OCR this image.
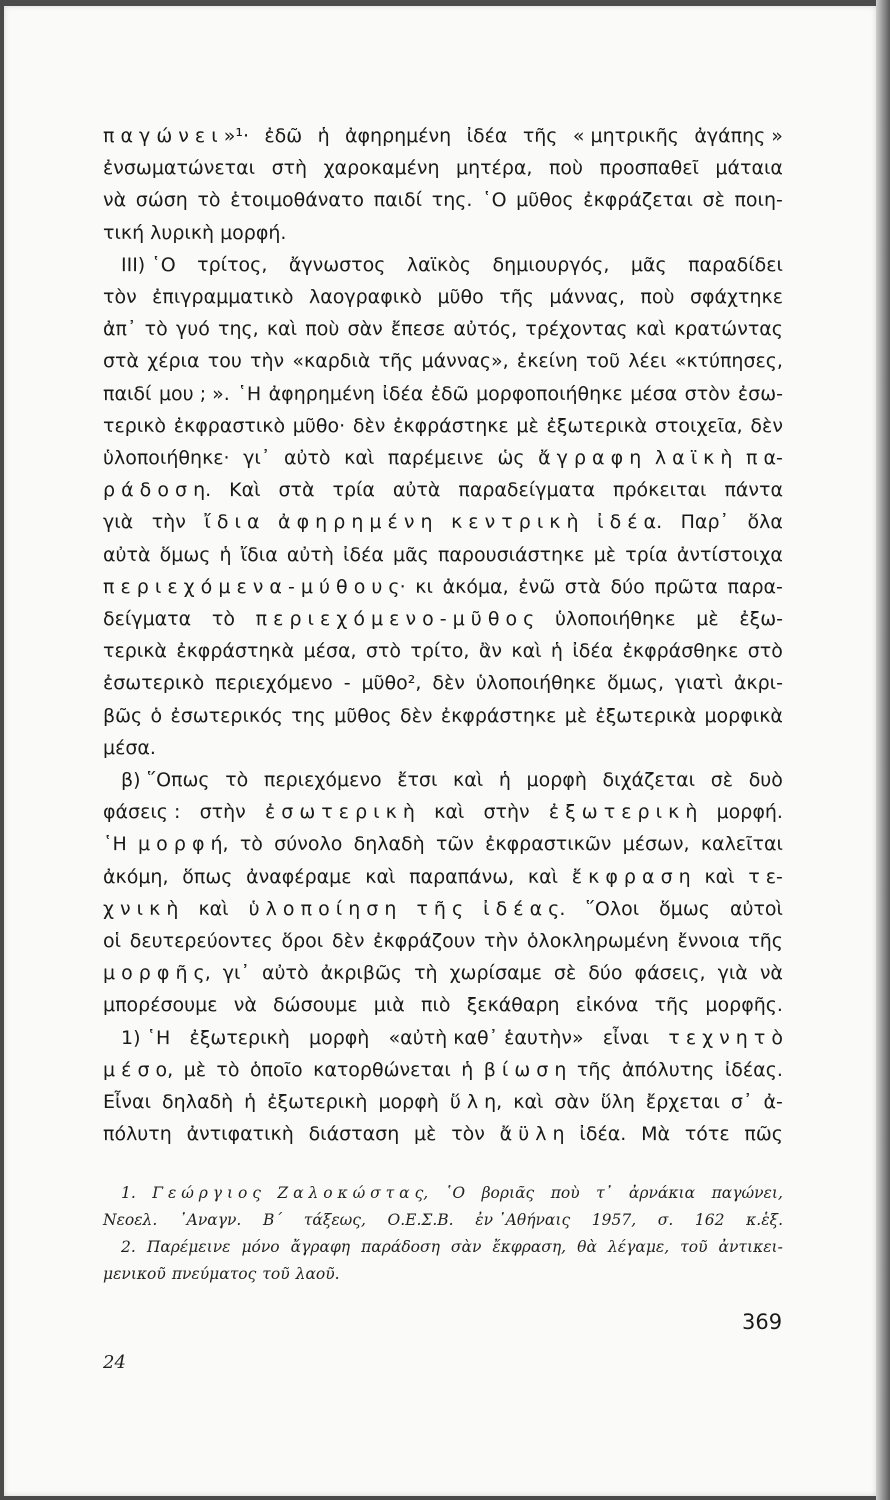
π α γ ώ ν ε ι »¹· ἐδῶ ἡ ἀφηρημένη ἰδέα τῆς « μητρικῆς ἀγάπης »
ἐνσωματώνεται στὴ χαροκαμένη μητέρα, ποὺ προσπαθεῖ μάταια
νὰ σώση τὸ ἑτοιμοθάνατο παιδί της. ῾Ο μῦθος ἐκφράζεται σὲ ποιη-
τική λυρικὴ μορφή.
ΙΙΙ) ῾Ο τρίτος, ἄγνωστος λαϊκὸς δημιουργός, μᾶς παραδίδει
τὸν ἐπιγραμματικὸ λαογραφικὸ μῦθο τῆς μάννας, ποὺ σφάχτηκε
ἀπ᾿ τὸ γυό της, καὶ ποὺ σὰν ἔπεσε αὐτός, τρέχοντας καὶ κρατώντας
στὰ χέρια του τὴν «καρδιὰ τῆς μάννας», ἐκείνη τοῦ λέει «κτύπησες,
παιδί μου ; ». ῾Η ἀφηρημένη ἰδέα ἐδῶ μορφοποιήθηκε μέσα στὸν ἐσω-
τερικὸ ἐκφραστικὸ μῦθο· δὲν ἐκφράστηκε μὲ ἐξωτερικὰ στοιχεῖα, δὲν
ὑλοποιήθηκε· γι᾿ αὐτὸ καὶ παρέμεινε ὡς ἄ γ ρ α φ η λ α ϊ κ ὴ π α-
ρ ά δ ο σ η. Καὶ στὰ τρία αὐτὰ παραδείγματα πρόκειται πάντα
γιὰ τὴν ἴ δ ι α ἀ φ η ρ η μ έ ν η κ ε ν τ ρ ι κ ὴ ἰ δ έ α. Παρ᾿ ὅλα
αὐτὰ ὅμως ἡ ἴδια αὐτὴ ἰδέα μᾶς παρουσιάστηκε μὲ τρία ἀντίστοιχα
π ε ρ ι ε χ ό μ ε ν α - μ ύ θ ο υ ς· κι ἀκόμα, ἐνῶ στὰ δύο πρῶτα παρα-
δείγματα τὸ π ε ρ ι ε χ ό μ ε ν ο - μ ῦ θ ο ς ὑλοποιήθηκε μὲ ἐξω-
τερικὰ ἐκφράστηκὰ μέσα, στὸ τρίτο, ἂν καὶ ἡ ἰδέα ἐκφράσθηκε στὸ
ἐσωτερικὸ περιεχόμενο - μῦθο², δὲν ὑλοποιήθηκε ὅμως, γιατὶ ἀκρι-
βῶς ὁ ἐσωτερικός της μῦθος δὲν ἐκφράστηκε μὲ ἐξωτερικὰ μορφικὰ
μέσα.
β) ῞Οπως τὸ περιεχόμενο ἔτσι καὶ ἡ μορφὴ διχάζεται σὲ δυὸ
φάσεις : στὴν ἐ σ ω τ ε ρ ι κ ὴ καὶ στὴν ἐ ξ ω τ ε ρ ι κ ὴ μορφή.
῾Η μ ο ρ φ ή, τὸ σύνολο δηλαδὴ τῶν ἐκφραστικῶν μέσων, καλεῖται
ἀκόμη, ὅπως ἀναφέραμε καὶ παραπάνω, καὶ ἔ κ φ ρ α σ η καὶ τ ε-
χ ν ι κ ὴ καὶ ὑ λ ο π ο ί η σ η τ ῆ ς ἰ δ έ α ς. ῞Ολοι ὅμως αὐτοὶ
οἱ δευτερεύοντες ὅροι δὲν ἐκφράζουν τὴν ὁλοκληρωμένη ἔννοια τῆς
μ ο ρ φ ῆ ς, γι᾿ αὐτὸ ἀκριβῶς τὴ χωρίσαμε σὲ δύο φάσεις, γιὰ νὰ
μπορέσουμε νὰ δώσουμε μιὰ πιὸ ξεκάθαρη εἰκόνα τῆς μορφῆς.
1) ῾Η ἐξωτερικὴ μορφὴ «αὐτὴ καθ᾿ ἑαυτὴν» εἶναι τ ε χ ν η τ ὸ
μ έ σ ο, μὲ τὸ ὁποῖο κατορθώνεται ἡ β ί ω σ η τῆς ἀπόλυτης ἰδέας.
Εἶναι δηλαδὴ ἡ ἐξωτερικὴ μορφὴ ὕ λ η, καὶ σὰν ὕλη ἔρχεται σ᾿ ἀ-
πόλυτη ἀντιφατικὴ διάσταση μὲ τὸν ἄ ϋ λ η ἰδέα. Μὰ τότε πῶς
1. Γ ε ώ ρ γ ι ο ς Ζ α λ ο κ ώ σ τ α ς, ῾Ο βοριᾶς ποὺ τ᾿ ἀρνάκια παγώνει,
Νεοελ. ᾿Αναγν. Β΄ τάξεως, Ο.Ε.Σ.Β. ἐν ᾿Αθήναις 1957, σ. 162 κ.ἑξ.
2. Παρέμεινε μόνο ἄγραφη παράδοση σὰν ἔκφραση, θὰ λέγαμε, τοῦ ἀντικει-
μενικοῦ πνεύματος τοῦ λαοῦ.
369
24
